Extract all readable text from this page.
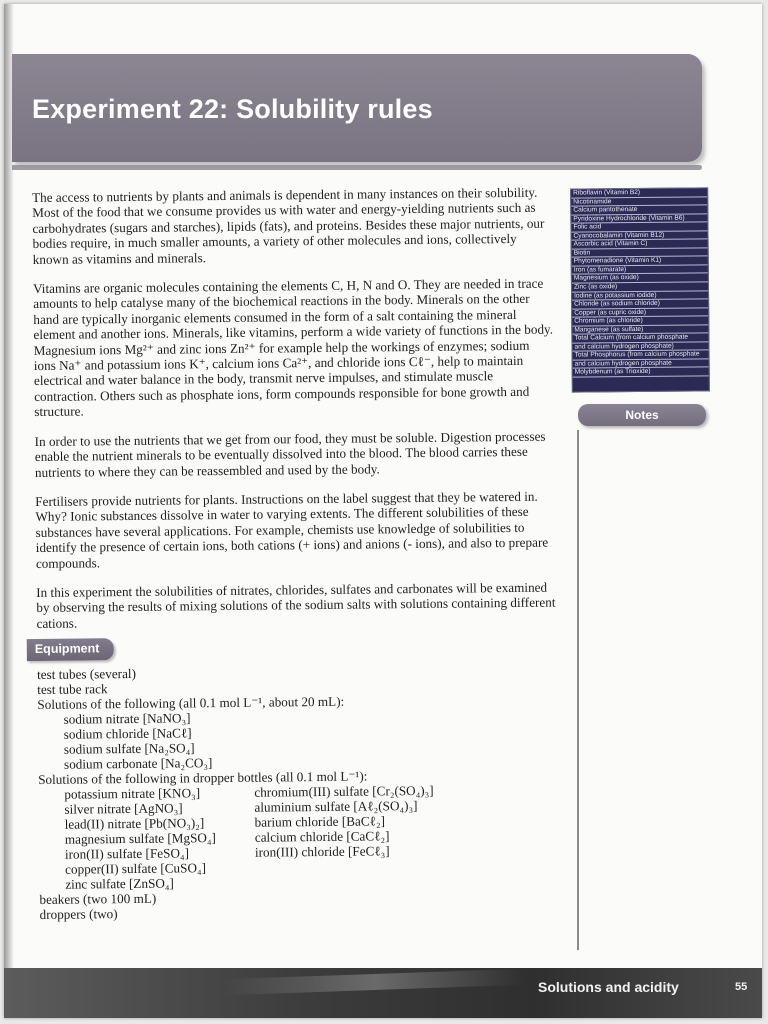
Experiment 22: Solubility rules

The access to nutrients by plants and animals is dependent in many instances on their solubility. Most of the food that we consume provides us with water and energy-yielding nutrients such as carbohydrates (sugars and starches), lipids (fats), and proteins. Besides these major nutrients, our bodies require, in much smaller amounts, a variety of other molecules and ions, collectively known as vitamins and minerals.

Vitamins are organic molecules containing the elements C, H, N and O. They are needed in trace amounts to help catalyse many of the biochemical reactions in the body. Minerals on the other hand are typically inorganic elements consumed in the form of a salt containing the mineral element and another ions. Minerals, like vitamins, perform a wide variety of functions in the body. Magnesium ions Mg²⁺ and zinc ions Zn²⁺ for example help the workings of enzymes; sodium ions Na⁺ and potassium ions K⁺, calcium ions Ca²⁺, and chloride ions Cℓ⁻, help to maintain electrical and water balance in the body, transmit nerve impulses, and stimulate muscle contraction. Others such as phosphate ions, form compounds responsible for bone growth and structure.

In order to use the nutrients that we get from our food, they must be soluble. Digestion processes enable the nutrient minerals to be eventually dissolved into the blood. The blood carries these nutrients to where they can be reassembled and used by the body.

Fertilisers provide nutrients for plants. Instructions on the label suggest that they be watered in. Why? Ionic substances dissolve in water to varying extents. The different solubilities of these substances have several applications. For example, chemists use knowledge of solubilities to identify the presence of certain ions, both cations (+ ions) and anions (- ions), and also to prepare compounds.

In this experiment the solubilities of nitrates, chlorides, sulfates and carbonates will be examined by observing the results of mixing solutions of the sodium salts with solutions containing different cations.

Equipment
test tubes (several)
test tube rack
Solutions of the following (all 0.1 mol L⁻¹, about 20 mL):
sodium nitrate [NaNO₃]
sodium chloride [NaCℓ]
sodium sulfate [Na₂SO₄]
sodium carbonate [Na₂CO₃]
Solutions of the following in dropper bottles (all 0.1 mol L⁻¹):
potassium nitrate [KNO₃]
silver nitrate [AgNO₃]
lead(II) nitrate [Pb(NO₃)₂]
magnesium sulfate [MgSO₄]
iron(II) sulfate [FeSO₄]
copper(II) sulfate [CuSO₄]
zinc sulfate [ZnSO₄]
chromium(III) sulfate [Cr₂(SO₄)₃]
aluminium sulfate [Aℓ₂(SO₄)₃]
barium chloride [BaCℓ₂]
calcium chloride [CaCℓ₂]
iron(III) chloride [FeCℓ₃]
beakers (two 100 mL)
droppers (two)
Riboflavin (Vitamin B2)
Nicotinamide
Calcium pantothenate
Pyridoxine Hydrochloride (Vitamin B6)
Folic acid
Cyanocobalamin (Vitamin B12)
Ascorbic acid (Vitamin C)
Biotin
Phytomenadione (Vitamin K1)
Iron (as fumarate)
Magnesium (as oxide)
Zinc (as oxide)
Iodine (as potassium iodide)
Chloride (as sodium chloride)
Copper (as cupric oxide)
Chromium (as chloride)
Manganese (as sulfate)
Total Calcium (from calcium phosphate
and calcium hydrogen phosphate)
Total Phosphorus (from calcium phosphate
and calcium hydrogen phosphate
Molybdenum (as Trioxide)
Notes
Solutions and acidity	55
